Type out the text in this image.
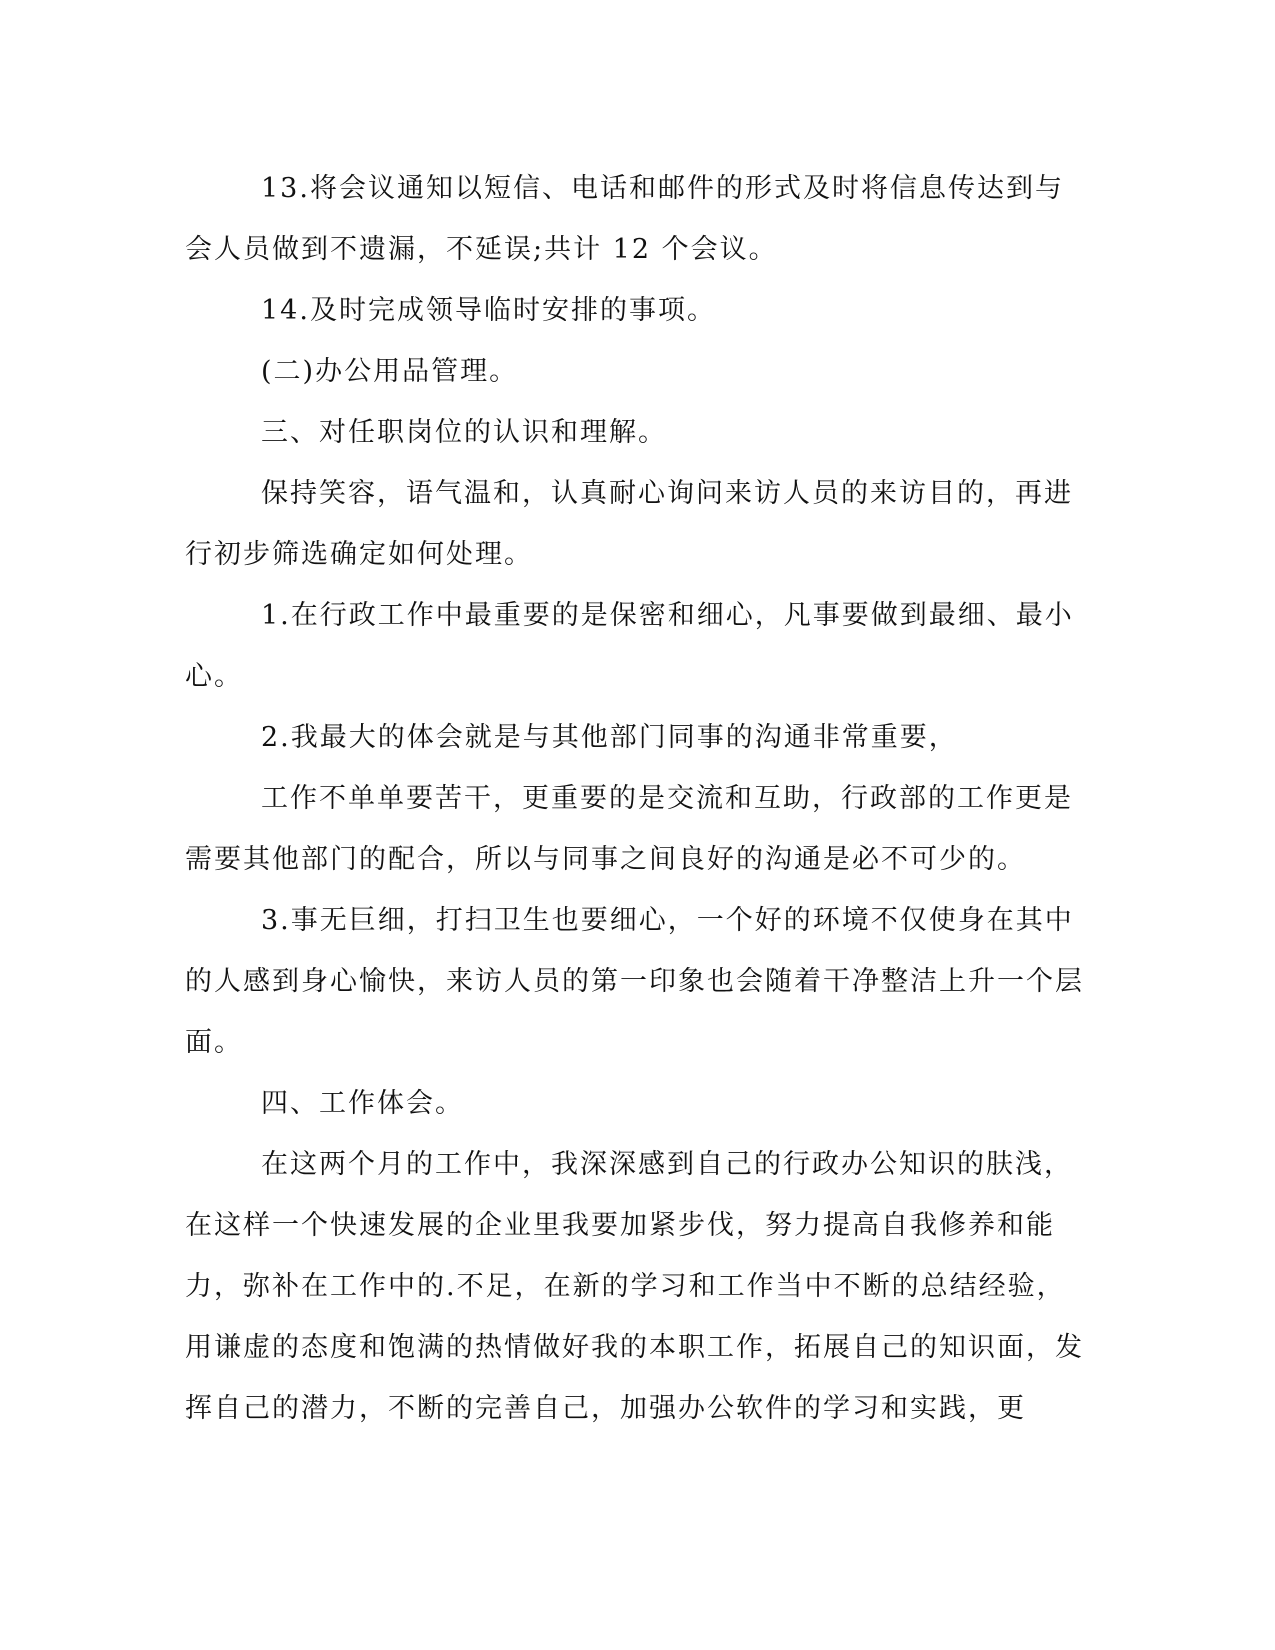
13.将会议通知以短信、电话和邮件的形式及时将信息传达到与会人员做到不遗漏，不延误;共计 12 个会议。

14.及时完成领导临时安排的事项。

(二)办公用品管理。

三、对任职岗位的认识和理解。

保持笑容，语气温和，认真耐心询问来访人员的来访目的，再进行初步筛选确定如何处理。

1.在行政工作中最重要的是保密和细心，凡事要做到最细、最小心。

2.我最大的体会就是与其他部门同事的沟通非常重要，

工作不单单要苦干，更重要的是交流和互助，行政部的工作更是需要其他部门的配合，所以与同事之间良好的沟通是必不可少的。

3.事无巨细，打扫卫生也要细心，一个好的环境不仅使身在其中的人感到身心愉快，来访人员的第一印象也会随着干净整洁上升一个层面。

四、工作体会。

在这两个月的工作中，我深深感到自己的行政办公知识的肤浅，在这样一个快速发展的企业里我要加紧步伐，努力提高自我修养和能力，弥补在工作中的.不足，在新的学习和工作当中不断的总结经验，用谦虚的态度和饱满的热情做好我的本职工作，拓展自己的知识面，发挥自己的潜力，不断的完善自己，加强办公软件的学习和实践，更
